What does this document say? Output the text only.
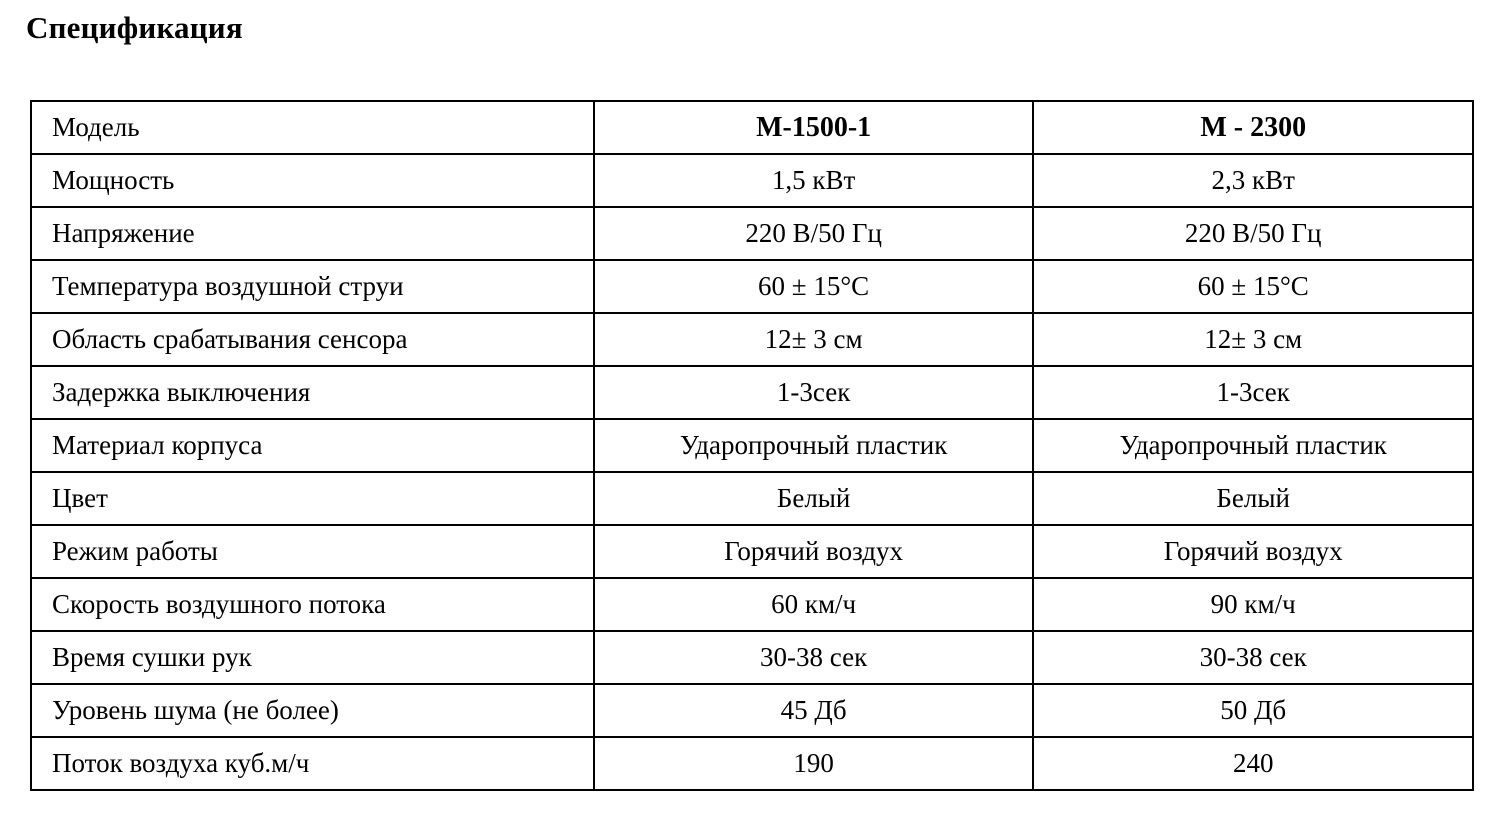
Спецификация
Модель	М-1500-1	М - 2300
Мощность	1,5 кВт	2,3 кВт
Напряжение	220 В/50 Гц	220 В/50 Гц
Температура воздушной струи	60 ± 15°С	60 ± 15°С
Область срабатывания сенсора	12± 3 см	12± 3 см
Задержка выключения	1-3сек	1-3сек
Материал корпуса	Ударопрочный пластик	Ударопрочный пластик
Цвет	Белый	Белый
Режим работы	Горячий воздух	Горячий воздух
Скорость воздушного потока	60 км/ч	90 км/ч
Время сушки рук	30-38 сек	30-38 сек
Уровень шума (не более)	45 Дб	50 Дб
Поток воздуха куб.м/ч	190	240
